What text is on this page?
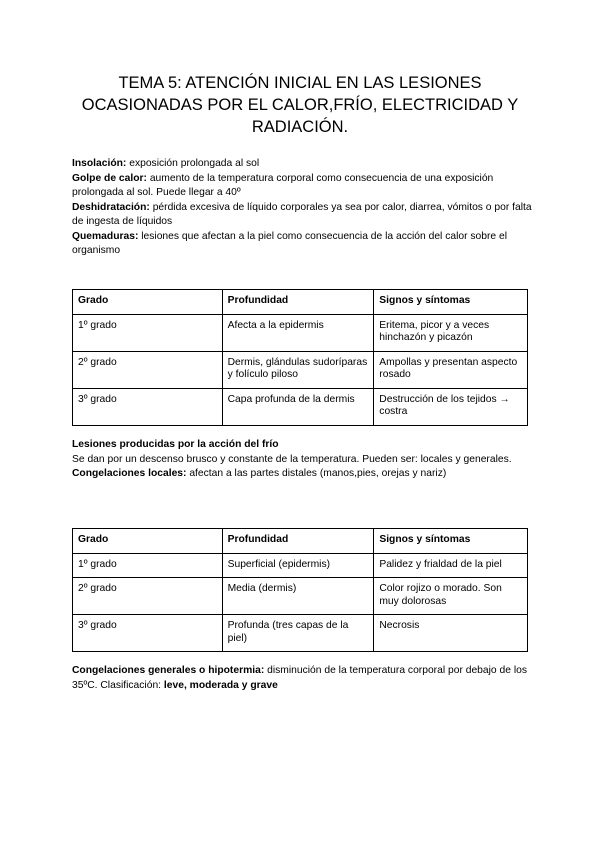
TEMA 5: ATENCIÓN INICIAL EN LAS LESIONES
OCASIONADAS POR EL CALOR,FRÍO, ELECTRICIDAD Y
RADIACIÓN.
Insolación: exposición prolongada al sol
Golpe de calor: aumento de la temperatura corporal como consecuencia de una exposición prolongada al sol. Puede llegar a 40º
Deshidratación: pérdida excesiva de líquido corporales ya sea por calor, diarrea, vómitos o por falta de ingesta de líquidos
Quemaduras: lesiones que afectan a la piel como consecuencia de la acción del calor sobre el organismo
Grado	Profundidad	Signos y síntomas
1º grado	Afecta a la epidermis	Eritema, picor y a veces hinchazón y picazón
2º grado	Dermis, glándulas sudoríparas y folículo piloso	Ampollas y presentan aspecto rosado
3º grado	Capa profunda de la dermis	Destrucción de los tejidos → costra
Lesiones producidas por la acción del frío
Se dan por un descenso brusco y constante de la temperatura. Pueden ser: locales y generales.
Congelaciones locales: afectan a las partes distales (manos,pies, orejas y nariz)
Grado	Profundidad	Signos y síntomas
1º grado	Superficial (epidermis)	Palidez y frialdad de la piel
2º grado	Media (dermis)	Color rojizo o morado. Son muy dolorosas
3º grado	Profunda (tres capas de la piel)	Necrosis
Congelaciones generales o hipotermia: disminución de la temperatura corporal por debajo de los 35ºC. Clasificación: leve, moderada y grave
